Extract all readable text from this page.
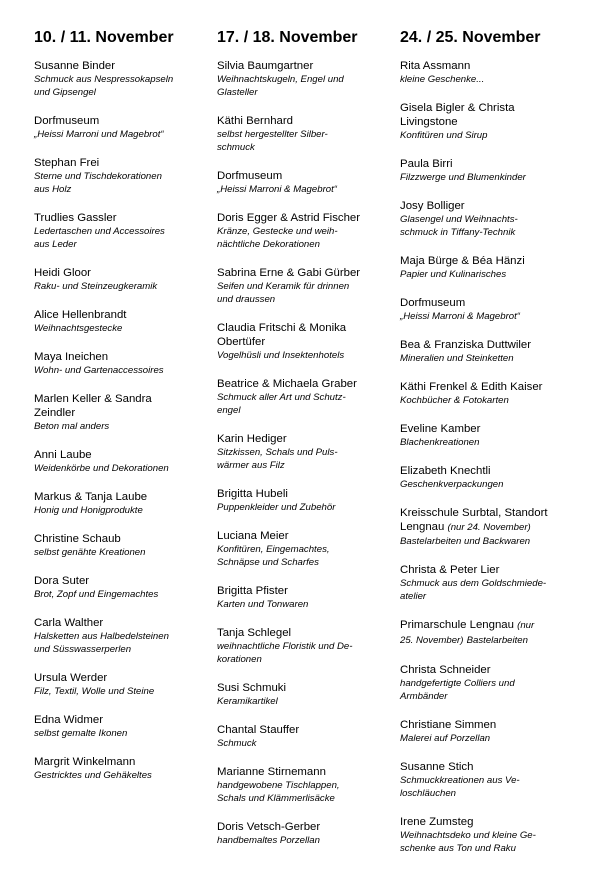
10. / 11. November
Susanne Binder
Schmuck aus Nespressokapseln
und Gipsengel
Dorfmuseum
„Heissi Marroni und Magebrot“
Stephan Frei
Sterne und Tischdekorationen
aus Holz
Trudlies Gassler
Ledertaschen und Accessoires
aus Leder
Heidi Gloor
Raku- und Steinzeugkeramik
Alice Hellenbrandt
Weihnachtsgestecke
Maya Ineichen
Wohn- und Gartenaccessoires
Marlen Keller & Sandra
Zeindler
Beton mal anders
Anni Laube
Weidenkörbe und Dekorationen
Markus & Tanja Laube
Honig und Honigprodukte
Christine Schaub
selbst genähte Kreationen
Dora Suter
Brot, Zopf und Eingemachtes
Carla Walther
Halsketten aus Halbedelsteinen
und Süsswasserperlen
Ursula Werder
Filz, Textil, Wolle und Steine
Edna Widmer
selbst gemalte Ikonen
Margrit Winkelmann
Gestricktes und Gehäkeltes
17. / 18. November
Silvia Baumgartner
Weihnachtskugeln, Engel und
Glasteller
Käthi Bernhard
selbst hergestellter Silber-
schmuck
Dorfmuseum
„Heissi Marroni & Magebrot“
Doris Egger & Astrid Fischer
Kränze, Gestecke und weih-
nächtliche Dekorationen
Sabrina Erne & Gabi Gürber
Seifen und Keramik für drinnen
und draussen
Claudia Fritschi & Monika
Obertüfer
Vogelhüsli und Insektenhotels
Beatrice & Michaela Graber
Schmuck aller Art und Schutz-
engel
Karin Hediger
Sitzkissen, Schals und Puls-
wärmer aus Filz
Brigitta Hubeli
Puppenkleider und Zubehör
Luciana Meier
Konfitüren, Eingemachtes,
Schnäpse und Scharfes
Brigitta Pfister
Karten und Tonwaren
Tanja Schlegel
weihnachtliche Floristik und De-
korationen
Susi Schmuki
Keramikartikel
Chantal Stauffer
Schmuck
Marianne Stirnemann
handgewobene Tischlappen,
Schals und Klämmerlisäcke
Doris Vetsch-Gerber
handbemaltes Porzellan
24. / 25. November
Rita Assmann
kleine Geschenke...
Gisela Bigler & Christa
Livingstone
Konfitüren und Sirup
Paula Birri
Filzzwerge und Blumenkinder
Josy Bolliger
Glasengel und Weihnachts-
schmuck in Tiffany-Technik
Maja Bürge & Béa Hänzi
Papier und Kulinarisches
Dorfmuseum
„Heissi Marroni & Magebrot“
Bea & Franziska Duttwiler
Mineralien und Steinketten
Käthi Frenkel & Edith Kaiser
Kochbücher & Fotokarten
Eveline Kamber
Blachenkreationen
Elizabeth Knechtli
Geschenkverpackungen
Kreisschule Surbtal, Standort
Lengnau (nur 24. November)
Bastelarbeiten und Backwaren
Christa & Peter Lier
Schmuck aus dem Goldschmiede-
atelier
Primarschule Lengnau (nur
25. November) Bastelarbeiten
Christa Schneider
handgefertigte Colliers und
Armbänder
Christiane Simmen
Malerei auf Porzellan
Susanne Stich
Schmuckkreationen aus Ve-
loschläuchen
Irene Zumsteg
Weihnachtsdeko und kleine Ge-
schenke aus Ton und Raku
